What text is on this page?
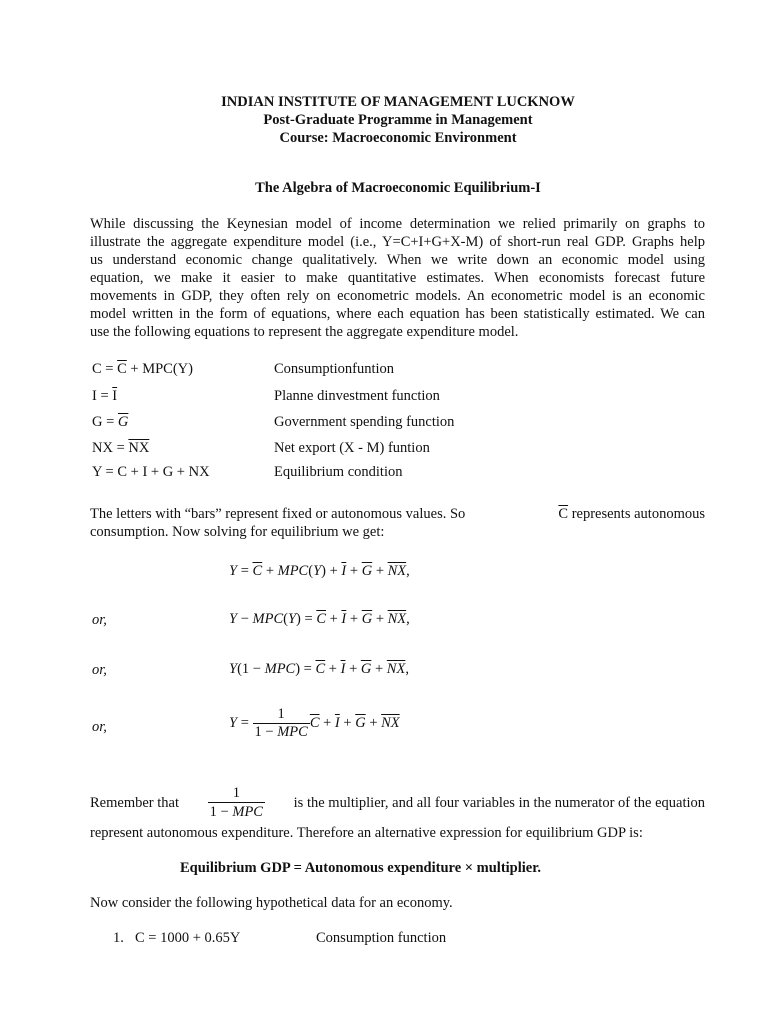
INDIAN INSTITUTE OF MANAGEMENT LUCKNOW
Post-Graduate Programme in Management
Course: Macroeconomic Environment
The Algebra of Macroeconomic Equilibrium-I
While discussing the Keynesian model of income determination we relied primarily on graphs to
illustrate the aggregate expenditure model (i.e., Y=C+I+G+X-M) of short-run real GDP. Graphs help
us understand economic change qualitatively. When we write down an economic model using
equation, we make it easier to make quantitative estimates. When economists forecast future
movements in GDP, they often rely on econometric models. An econometric model is an economic
model written in the form of equations, where each equation has been statistically estimated. We can
use the following equations to represent the aggregate expenditure model.
$C = \overline{C} + MPC(Y)$	Consumptionfuntion
$I = \overline{I}$	Planne dinvestment function
$G = \overline{G}$	Government spending function
NX = $\overline{NX}$	Net export (X - M) funtion
Y = C + I + G + NX	Equilibrium condition
The letters with “bars” represent fixed or autonomous values. So	$\overline{C}$ represents autonomous
consumption. Now solving for equilibrium we get:
$Y = \overline{C} + MPC(Y) + \overline{I} + \overline{G} + \overline{NX}$,
or,	$Y - MPC(Y) = \overline{C} + \overline{I} + \overline{G} + \overline{NX}$,
or,	$Y(1 - MPC) = \overline{C} + \overline{I} + \overline{G} + \overline{NX}$,
or,	$Y = \frac{1}{\text{1 − MPC}} \overline{C} + \overline{I} + \overline{G} + \overline{NX}$
Remember that $\frac{1}{\text{1 − MPC}}$ is the multiplier, and all four variables in the numerator of the equation
represent autonomous expenditure. Therefore an alternative expression for equilibrium GDP is:
Equilibrium GDP = Autonomous expenditure × multiplier.
Now consider the following hypothetical data for an economy.
1. C = 1000 + 0.65Y	Consumption function
